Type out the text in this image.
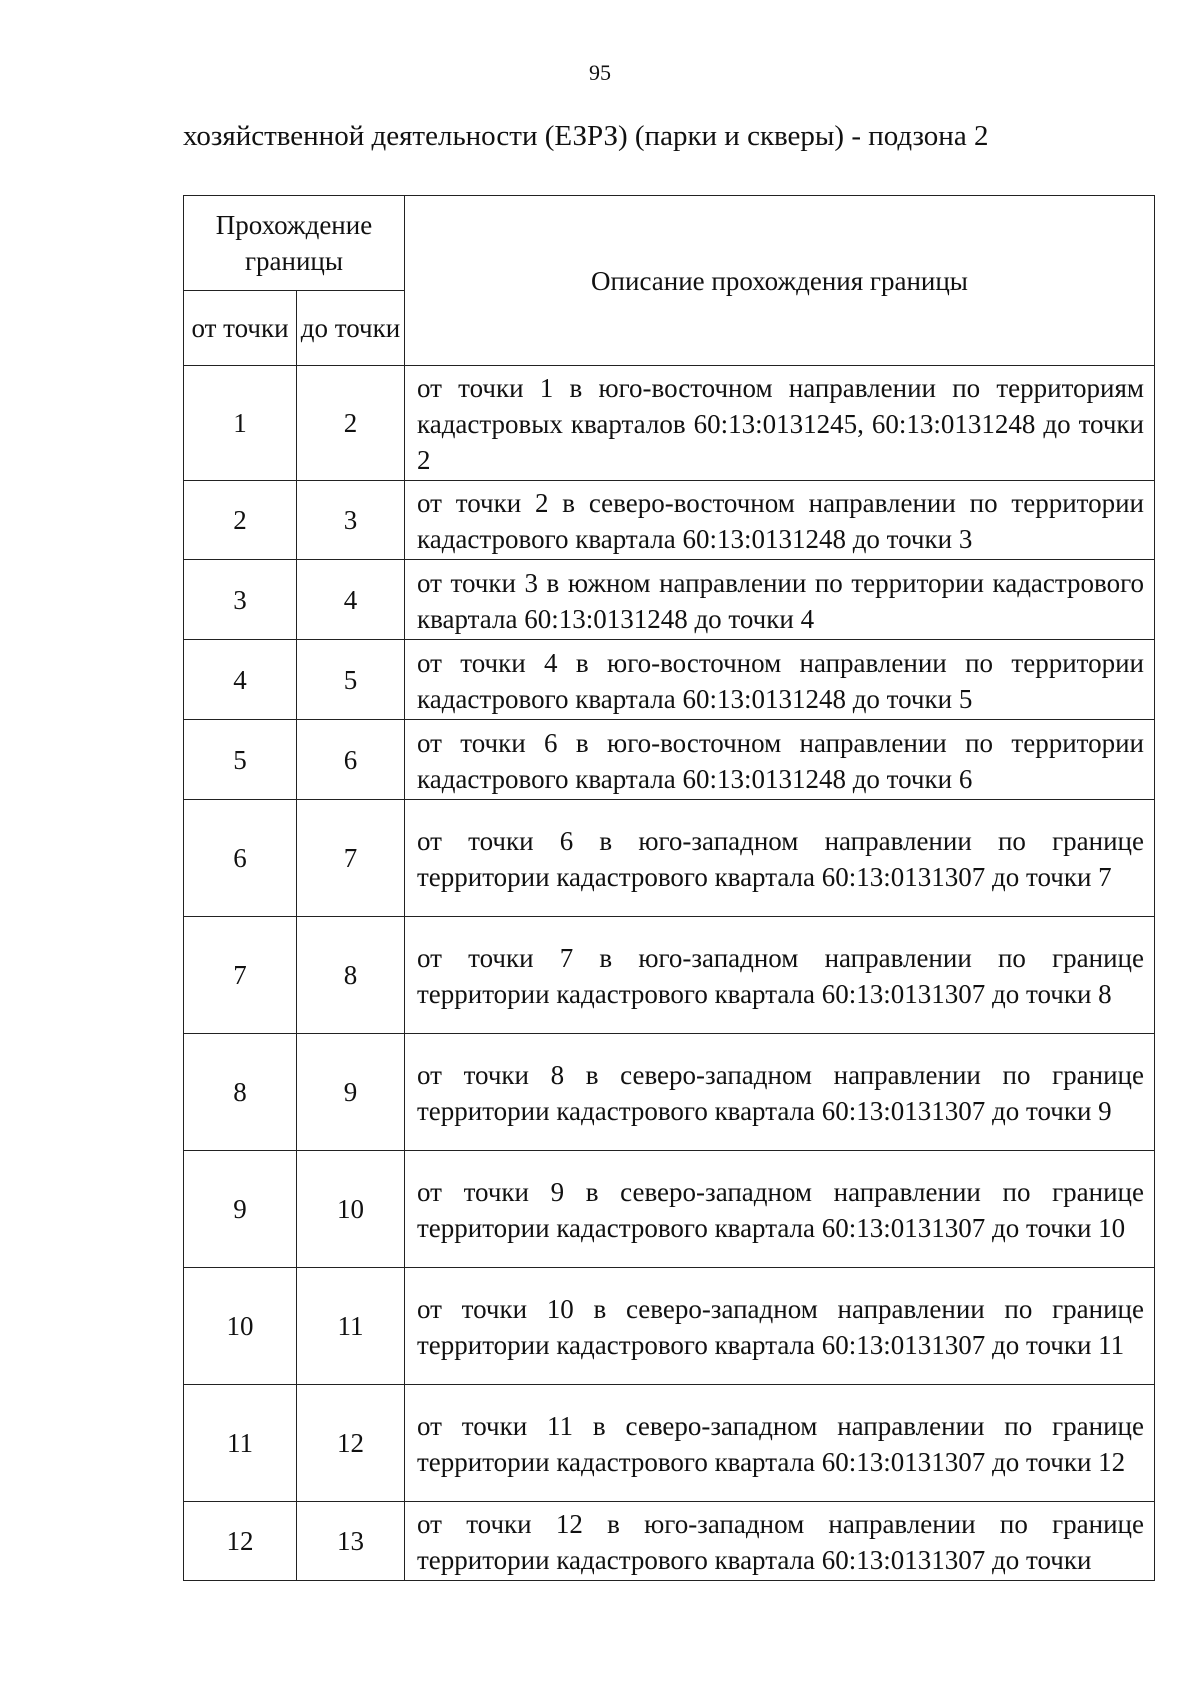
95
хозяйственной деятельности (ЕЗРЗ) (парки и скверы) - подзона 2
Прохождение границы		Описание прохождения границы
от точки	до точки	
1	2	от точки 1 в юго-восточном направлении по территориям кадастровых кварталов 60:13:0131245, 60:13:0131248 до точки 2
2	3	от точки 2 в северо-восточном направлении по территории кадастрового квартала 60:13:0131248 до точки 3
3	4	от точки 3 в южном направлении по территории кадастрового квартала 60:13:0131248 до точки 4
4	5	от точки 4 в юго-восточном направлении по территории кадастрового квартала 60:13:0131248 до точки 5
5	6	от точки 6 в юго-восточном направлении по территории кадастрового квартала 60:13:0131248 до точки 6
6	7	от точки 6 в юго-западном направлении по границе территории кадастрового квартала 60:13:0131307 до точки 7
7	8	от точки 7 в юго-западном направлении по границе территории кадастрового квартала 60:13:0131307 до точки 8
8	9	от точки 8 в северо-западном направлении по границе территории кадастрового квартала 60:13:0131307 до точки 9
9	10	от точки 9 в северо-западном направлении по границе территории кадастрового квартала 60:13:0131307 до точки 10
10	11	от точки 10 в северо-западном направлении по границе территории кадастрового квартала 60:13:0131307 до точки 11
11	12	от точки 11 в северо-западном направлении по границе территории кадастрового квартала 60:13:0131307 до точки 12
12	13	от точки 12 в юго-западном направлении по границе территории кадастрового квартала 60:13:0131307 до точки
